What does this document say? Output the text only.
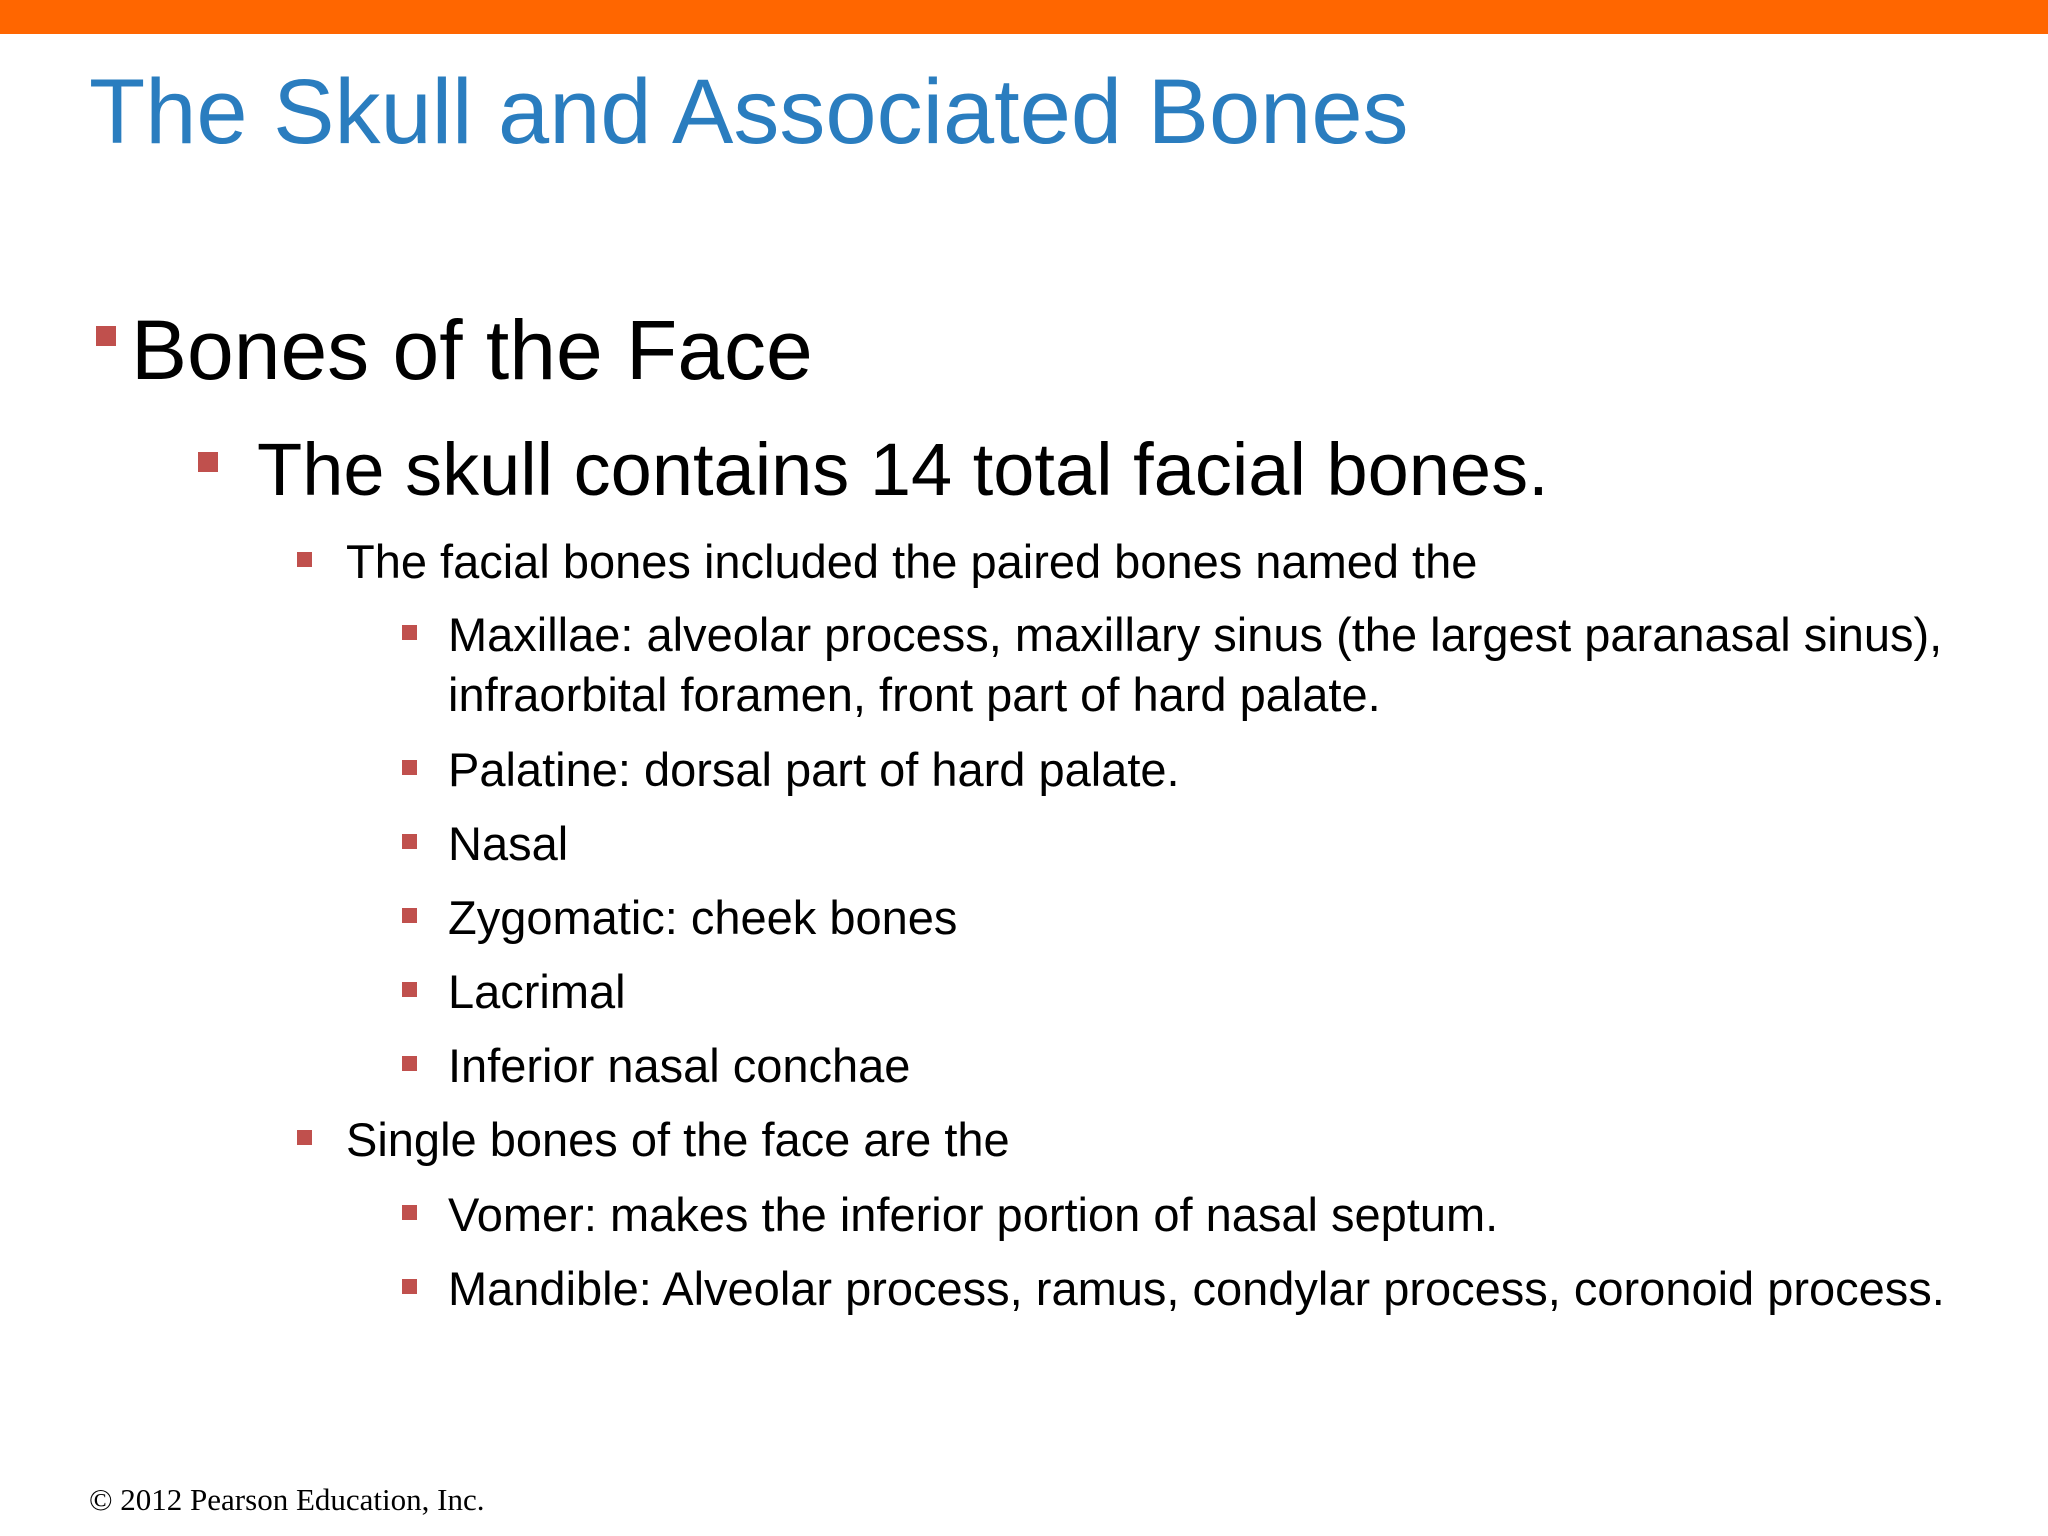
The Skull and Associated Bones
Bones of the Face
The skull contains 14 total facial bones.
The facial bones included the paired bones named the
Maxillae: alveolar process, maxillary sinus (the largest paranasal sinus), infraorbital foramen, front part of hard palate.
Palatine: dorsal part of hard palate.
Nasal
Zygomatic: cheek bones
Lacrimal
Inferior nasal conchae
Single bones of the face are the
Vomer: makes the inferior portion of nasal septum.
Mandible: Alveolar process, ramus, condylar process, coronoid process.
© 2012 Pearson Education, Inc.
